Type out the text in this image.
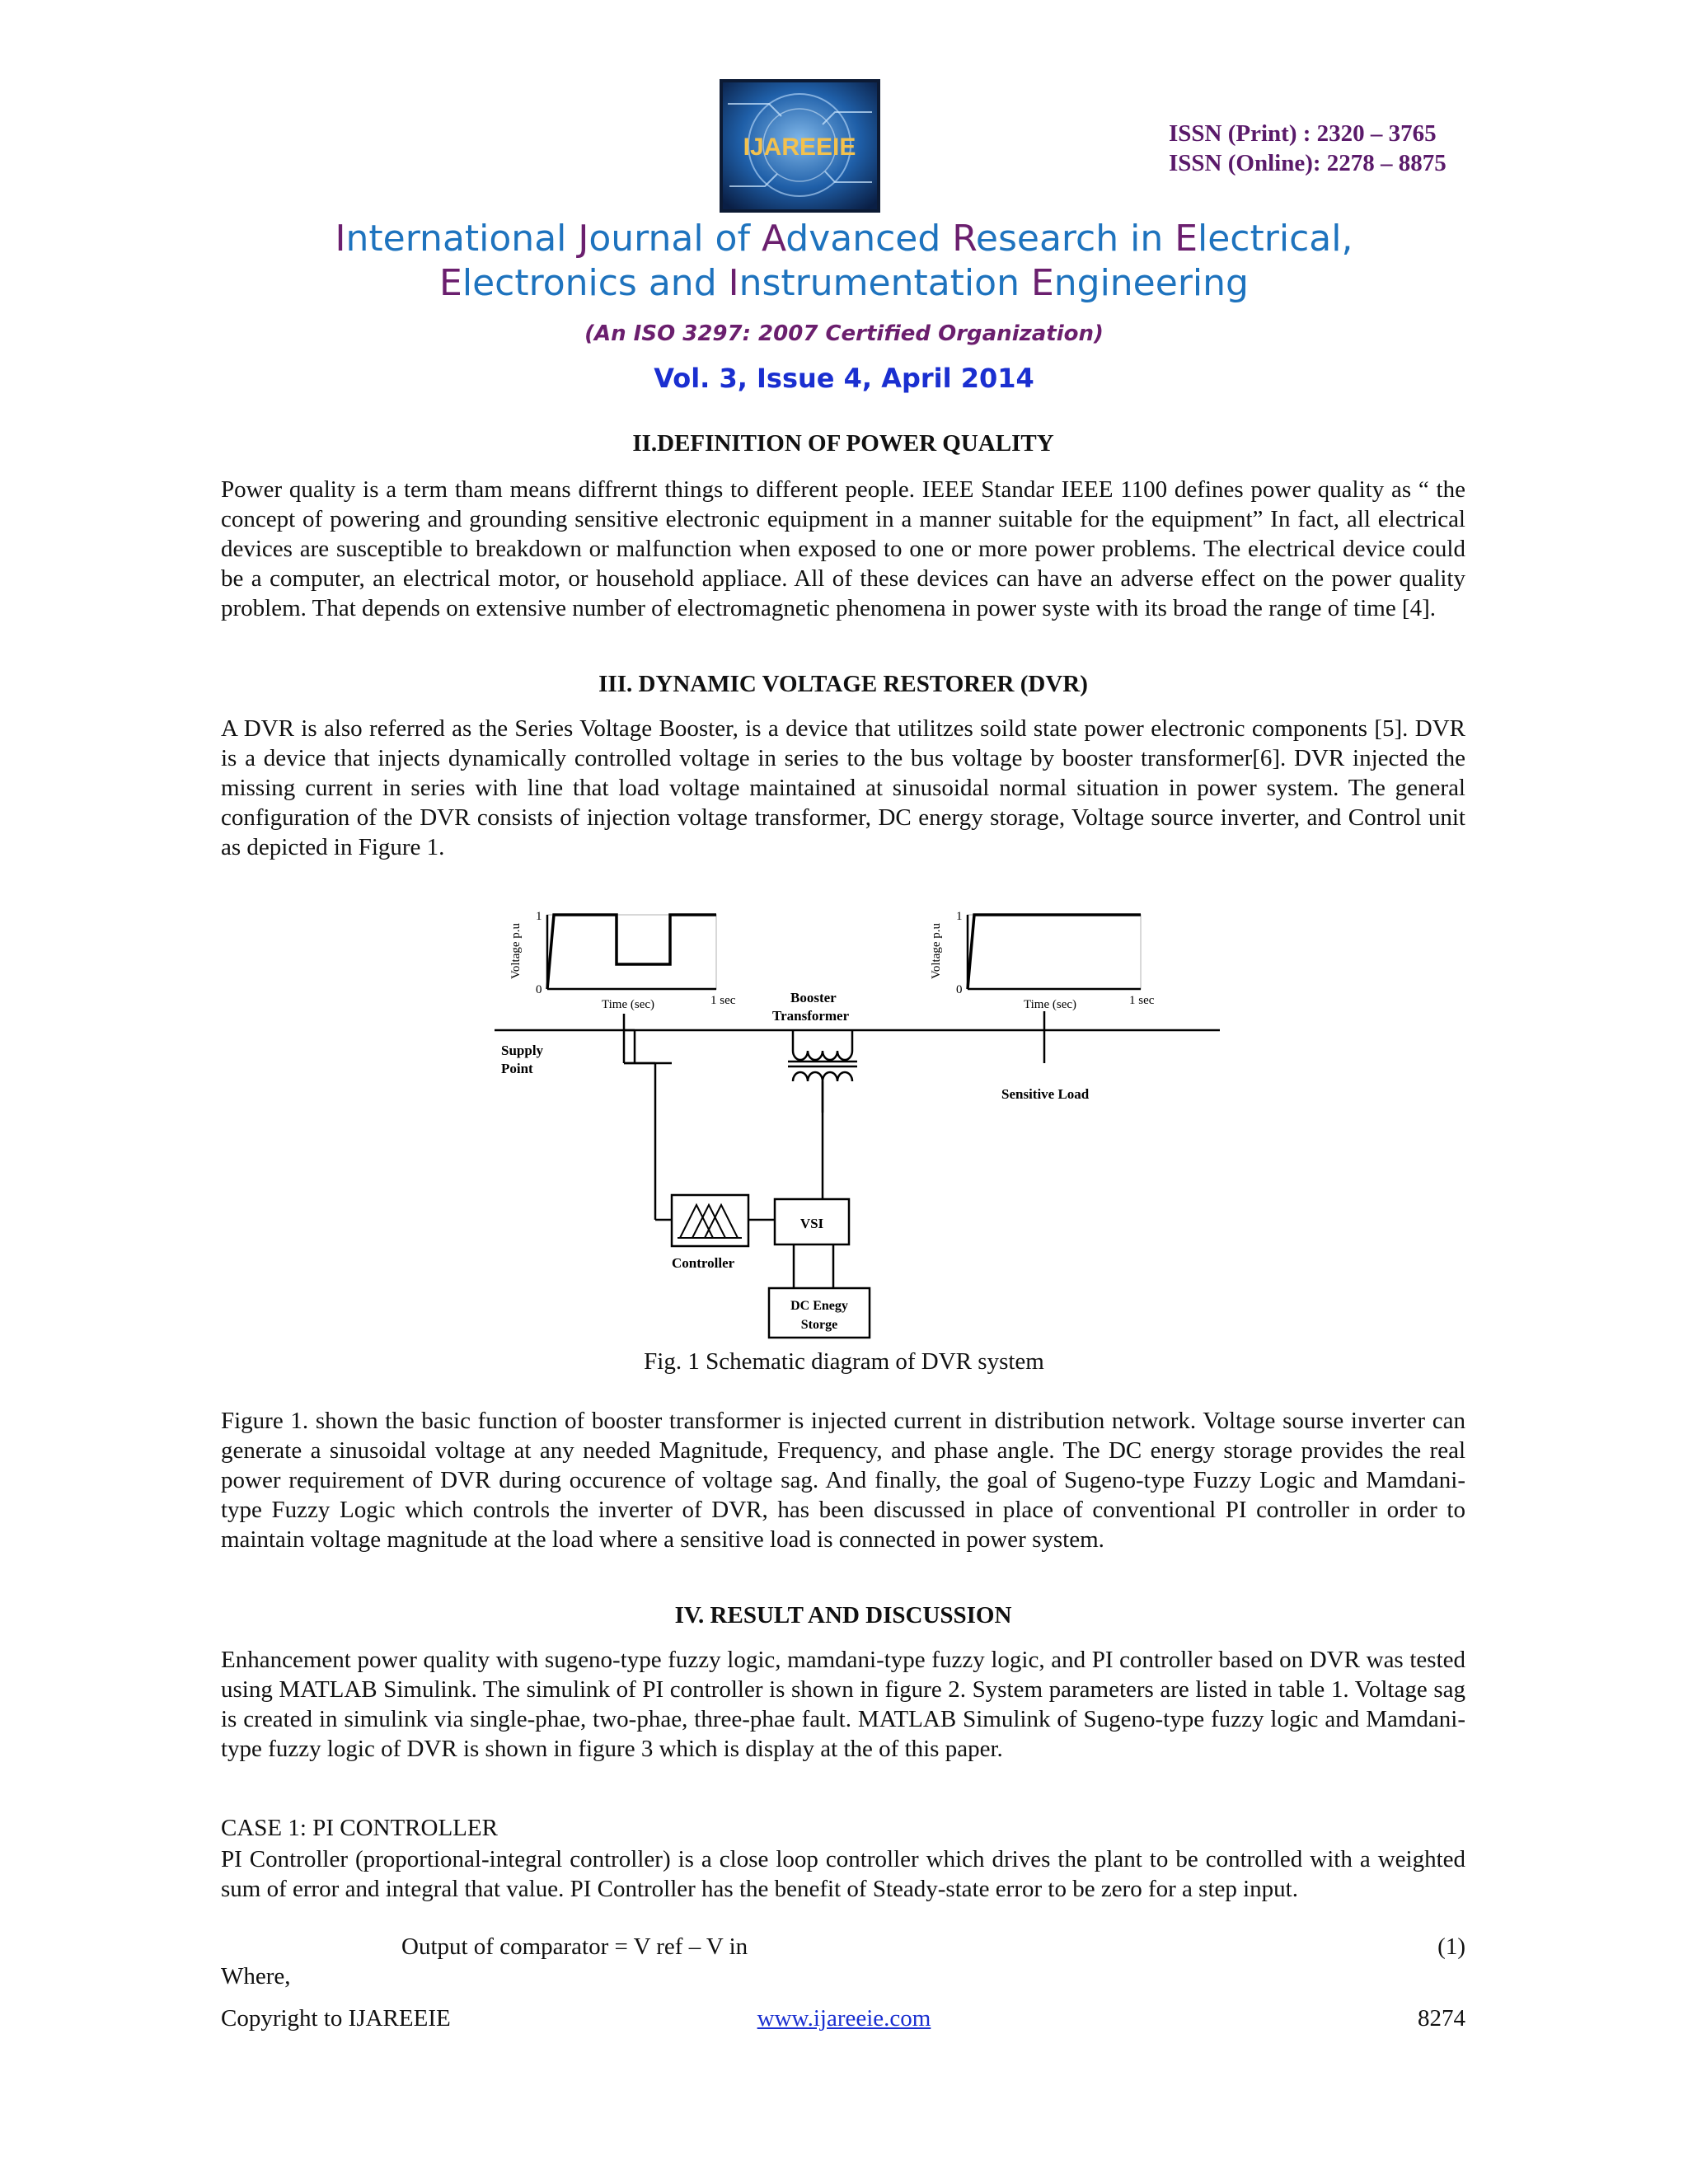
IJAREEIE	ISSN (Print) : 2320 – 3765
ISSN (Online): 2278 – 8875
International Journal of Advanced Research in Electrical,
Electronics and Instrumentation Engineering
(An ISO 3297: 2007 Certified Organization)
Vol. 3, Issue 4, April 2014
II.DEFINITION OF POWER QUALITY
Power quality is a term tham means diffrernt things to different people. IEEE Standar IEEE 1100 defines power quality as “ the concept of powering and grounding sensitive electronic equipment in a manner suitable for the equipment” In fact, all electrical devices are susceptible to breakdown or malfunction when exposed to one or more power problems. The electrical device could be a computer, an electrical motor, or household appliace. All of these devices can have an adverse effect on the power quality problem. That depends on extensive number of electromagnetic phenomena in power syste with its broad the range of time [4].
III. DYNAMIC VOLTAGE RESTORER (DVR)
A DVR is also referred as the Series Voltage Booster, is a device that utilitzes soild state power electronic components [5]. DVR is a device that injects dynamically controlled voltage in series to the bus voltage by booster transformer[6]. DVR injected the missing current in series with line that load voltage maintained at sinusoidal normal situation in power system. The general configuration of the DVR consists of injection voltage transformer, DC energy storage, Voltage source inverter, and Control unit as depicted in Figure 1.
Voltage p.u
1
0
Time (sec)	1 sec
Voltage p.u
1
0
Time (sec)	1 sec
Booster
Transformer
Supply
Point
Sensitive Load
Controller
VSI
DC Enegy
Storge
Fig. 1 Schematic diagram of DVR system
Figure 1. shown the basic function of booster transformer is injected current in distribution network. Voltage sourse inverter can generate a sinusoidal voltage at any needed Magnitude, Frequency, and phase angle. The DC energy storage provides the real power requirement of DVR during occurence of voltage sag. And finally, the goal of Sugeno-type Fuzzy Logic and Mamdani-type Fuzzy Logic which controls the inverter of DVR, has been discussed in place of conventional PI controller in order to maintain voltage magnitude at the load where a sensitive load is connected in power system.
IV. RESULT AND DISCUSSION
Enhancement power quality with sugeno-type fuzzy logic, mamdani-type fuzzy logic, and PI controller based on DVR was tested using MATLAB Simulink. The simulink of PI controller is shown in figure 2. System parameters are listed in table 1. Voltage sag is created in simulink via single-phae, two-phae, three-phae fault. MATLAB Simulink of Sugeno-type fuzzy logic and Mamdani-type fuzzy logic of DVR is shown in figure 3 which is display at the of this paper.
CASE 1: PI CONTROLLER
PI Controller (proportional-integral controller) is a close loop controller which drives the plant to be controlled with a weighted sum of error and integral that value. PI Controller has the benefit of Steady-state error to be zero for a step input.
Output of comparator = V ref – V in	(1)
Where,
Copyright to IJAREEIE	www.ijareeie.com	8274
